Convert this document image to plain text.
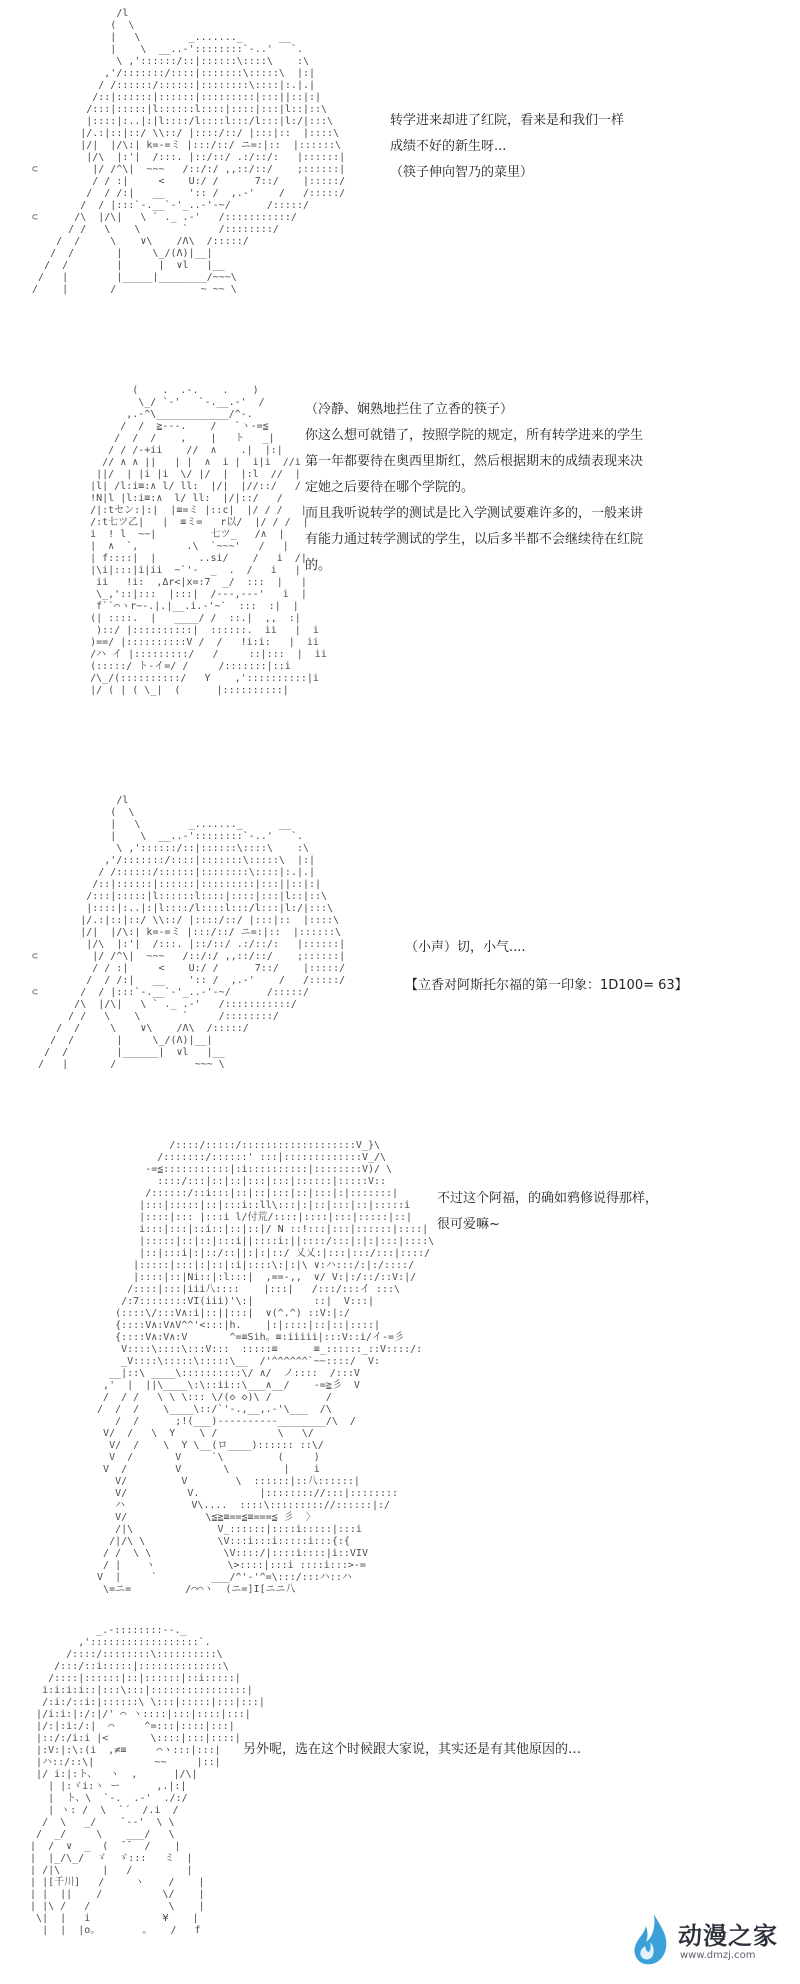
/l
(  \
|   \        _......._      __
|    \  __..-'::::::::`-..'   `.
\ ,'::::::/::|::::::\::::\    :\
,'/:::::::/::::|:::::::\:::::\  |:|
/ /::::::/::::::|::::::::\::::|:.|.|
/::|::::::|::::::|:::::::::|:::||::|:|
/:::|:::::|l::::::l::::|::::|:::|l::|::\
|::::|:..|:|l::::/l::::l:::/l:::|l:/|:::\
|/.:|::|::/ \\::/ |::::/::/ |:::|::  |::::\
|/|  |/\:| k=-=ミ |:::/::/ ニ=:|::  |::::::\
|/\  |:'|  /:::. |::/::/ .:/::/:   |::::::|
⊂         |/ /^\|  ~~~   /::/:/ ,,::/::/    ;::::::|
/ / :|     <    U:/ /      7::/    |:::::/
/  / /:|   __    ':: /  ,.-'    /   /:::::/
/  / |:::`-.__`-'_..-'-~/      /:::::/
⊂      /\  |/\|   \ ` ._ .-'   /:::::::::::/
/ /   \    \       `     /::::::::/
/  /     \    ∨\    /Λ\  /:::::/
/  /       |     \_/(Λ)|__|
/  /        |      |  ∨l   |__
/   |        |_____|________/~~~\
/    |       /              ~ ~~ \
转学进来却进了红院，看来是和我们一样
成绩不好的新生呀...
（筷子伸向智乃的菜里）
(    .  .-.    .    )
\_/ `-'   `-.__.-'  /
,.-^\____________/^-.
/  /  ≧---.    /   `ヽ-=≦
/  /  /    ,    |   ト   _|
/ / /-+ii    //  ∧    .|  |:|
// ∧ ∧ ||   | |  ∧  i |  i|i  //i
||/  | |i |i  \/ |/  |  |:l  //  |
|l| /l:i≡:∧ l/ ll:  |/|  |//::/   /
!N|l |l:i≡:∧  l/ ll:  |/|::/   /
/|:tセン:|:|  |≡=ミ |::c|  |/ / /   |
/:t七ツ乙|   |  ≡ミ=   r以/  |/ / /  |
i  ! l  ~~|         七ツ_   /∧  |
|  ∧  `,        .\  `~~~'   /   |
| f::::|  |       ..si/    /   i  /|
|\i|:::|i|ii  ~`'-  _  .  /   i   |
ii   !i:  ,Δr<|x=:7  _/  :::  |   |
\_,'::|:::  |:::|  /---,---'   i  |
f``⌒ヽr~-.|.|__.i.-'~`  :::  :|  |
(| ::::.  |   ____/ /  ::.|  ,,  :|
)::/ |::::::::::|  ::::::.  ii   |  i
)==/ |::::::::::V /  /   !i:i:   |  ii
/ハ イ |:::::::::/   /     ::|:::  |  ii
(:::::/ ト-イ=/ /     /:::::::|::i
/\_/(::::::::::/   Y    ,'::::::::::|i
|/ ( | ( \_|  (      |::::::::::|
（冷静、娴熟地拦住了立香的筷子）
你这么想可就错了，按照学院的规定，所有转学进来的学生
第一年都要待在奥西里斯红，然后根据期末的成绩表现来决
定她之后要待在哪个学院的。
而且我听说转学的测试是比入学测试要难许多的，一般来讲
有能力通过转学测试的学生，以后多半都不会继续待在红院
的。
/l
(  \
|   \        _......._      __
|    \  __..-'::::::::`-..'   `.
\ ,'::::::/::|::::::\::::\    :\
,'/:::::::/::::|:::::::\:::::\  |:|
/ /::::::/::::::|::::::::\::::|:.|.|
/::|::::::|::::::|:::::::::|:::||::|:|
/:::|:::::|l::::::l::::|::::|:::|l::|::\
|::::|:..|:|l::::/l::::l:::/l:::|l:/|:::\
|/.:|::|::/ \\::/ |::::/::/ |:::|::  |::::\
|/|  |/\:| k=-=ミ |:::/::/ ニ=:|::  |::::::\
|/\  |:'|  /:::. |::/::/ .:/::/:   |::::::|
⊂         |/ /^\|  ~~~   /::/:/ ,,::/::/    ;::::::|
/ / :|     <    U:/ /      7::/    |:::::/
/  / /:|   __    ':: /  ,.-'    /   /:::::/
⊂       /  / |:::`-.__`-'_..-'-~/      /:::::/
/\  |/\|   \ ` ._ .-'   /:::::::::::/
/ /   \    \       `     /::::::::/
/  /     \    ∨\    /Λ\  /:::::/
/  /       |     \_/(Λ)|__|
/  /        |______|  ∨l   |__
/   |       /             ~~~ \
（小声）切，小气....
【立香对阿斯托尔福的第一印象：1D100= 63】
/::::/:::::/:::::::::::::::::::V_}\
/:::::::/::::::' :::|:::::::::::::V_/\
-=≦:::::::::::|:i::::::::::|::::::::V)/ \
::::/:::|::|::|:::|:::|::::::|:::::V::
/::::::/::i:::|::|::|:::|::|:::|:|:::::::|
|:::|:::::|::|:::i::ll\:::|:|::|:::|::|:::::i
|::::|::: |:::i l/付荒/::::|::::|:::|:::::|::|
i:::|:::|::i::|::|::|/ N ::!:::|:::|::::::|::::|
|:::::|::|::|:::i||::::i:||::::/:::|:|:|:::|::::\
|::|:::i|:|::/::||:|:|::/ 乂乂:|:::|:::/:::|::::/
|:::::|:::|:|::|:i|::::\:|:|\ ∨:ハ:::/:|:/::::/
|::::|::|Ni::|:l:::|  ,==-,,  ∨/ V:|:/::/::V:|/
/::::|:::|iii八::::    |:::|   /:::/:::イ :::\
/:7::::::::VI(iii)'\:|          ::|  V:::|
(::::\/:::V∧:i|::||:::|  ∨(^.^) ::V:|:/
{::::V∧:V∧V^^'<:::|h.    |:|::::|::|::|::::|
{::::V∧:V∧:V       ^=≡Sih。≡:iiiii|:::V::i/イ-=彡
V::::\::::\:::V:::  :::::≡      ≡_::::::_::V::::/:
_V::::\:::::\:::::\__  /'^^^^^^`~~::::/  V:
__|::\ ____\::::::::::\/ ∧/  ノ::::  /:::V
,'  |  ||\____\:\::ii::\___∧__/    -=≧彡  V
/  / /   \ \ \::: \/(◇ ◇)\ /         /
/  /  /    \____\::/`'-.,__,.-'\___  /\
/  /      ;!(___)----------________/\  /
V/  /   \  Y    \ /          \   \/
V/  /    \  Y \__(ロ____):::::: ::\/
V  /       V     `\         (     )
V  /        V       \         |    i
V/         V        \  ::::::|::八::::::|
V/          V.          |:::::::://:::|::::::::
ハ           V\....  ::::\::::::::://::::::|:/
V/             \≦≧≡==≦≡===≦ 彡  〉
/|\              V_::::::|::::i:::::|:::i
/|/\ \            \V:::i:::i:::::i:::{:{
/ /  \ \            \V::::/|::::i::::|i::VIV
/ |    ヽ            \>::::|:::i ::::i:::>-=
V  |     `         ___/^'‐'^=\:::/:::ハ::ハ
\=ニ=         /⌒⌒ヽ  (ニ=]I[ニニ八
不过这个阿福，的确如鸦修说得那样，
很可爱嘛~
_.-::::::::--._
,'::::::::::::::::::`.
/::::/::::::::\::::::::::\
/:::/::i:::::|::::::::::::::\
/::::|::::::|::|::::::|::i:::::|
i:i:i:i::|:::\:::|::::::::::::::::|
/:i:/::i:|::::::\ \:::|:::::|:::|:::|
|/i:i:|:/:|/' ⌒ ヽ::::|:::|::::|:::|
|/:|:i:/:|  ⌒     ^=:::|::::|:::|
|::/:/i:i |<       \::::|:::|::::|
|:V:|:\:(i  ,≠≡     ⌒ヽ:::|:::|
|ハ::/::\|          ~~     |::|
|/ i:|:ト、  ヽ  ,      |/\|
| |:ヾi:ヽ ー      ,.|:|
|  ト、\  `-.  .-'  ./:/
| ヽ: /  \  `´  /.i  /
/  \   _/    `--'  \ \
/  _/     \    ___/   \
|  /  ∨  _  (  ̄ ̄   /    |
|  |_/\_/  ゞ  ゞ:::   ミ  |
| /|\       |   /         |
| |[千川]   /     ヽ    /    |
| |  ||    /          \/    |
| |\ /   /             \    |
\|  |   i            ¥    |
|  |  |o。       。   /   f
另外呢，选在这个时候跟大家说，其实还是有其他原因的…
动漫之家
www.dmzj.com
